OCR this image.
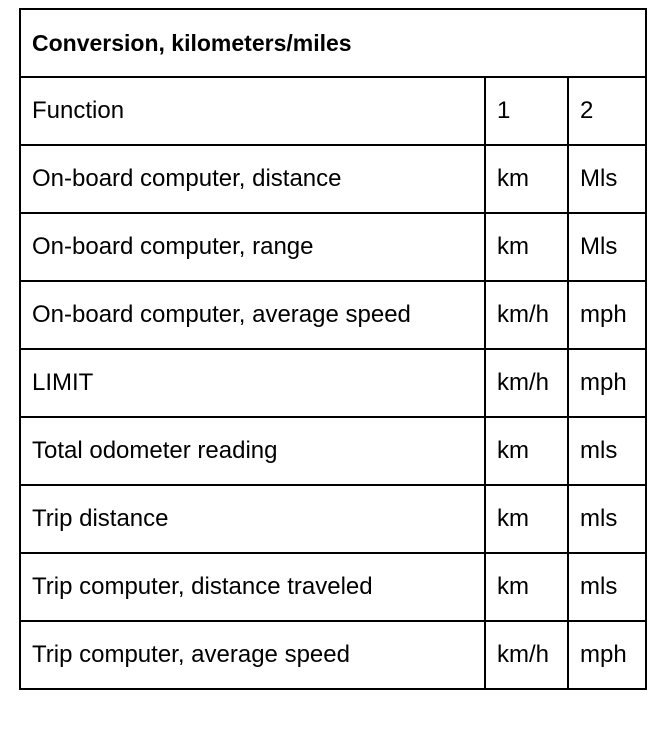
Conversion, kilometers/miles		
Function	1	2
On-board computer, distance	km	Mls
On-board computer, range	km	Mls
On-board computer, average speed	km/h	mph
LIMIT	km/h	mph
Total odometer reading	km	mls
Trip distance	km	mls
Trip computer, distance traveled	km	mls
Trip computer, average speed	km/h	mph
